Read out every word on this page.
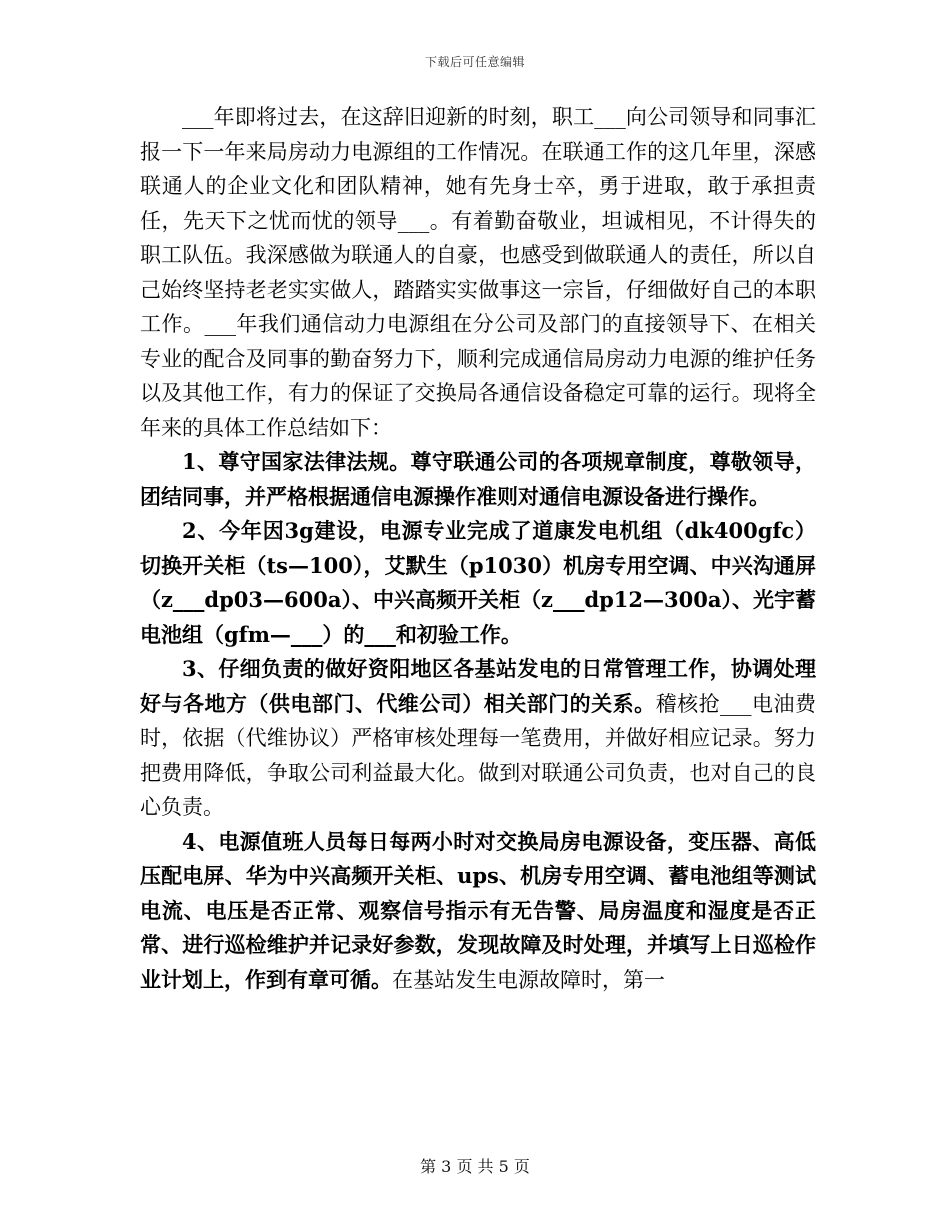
下载后可任意编辑

___年即将过去，在这辞旧迎新的时刻，职工___向公司领导和同事汇报一下一年来局房动力电源组的工作情况。在联通工作的这几年里，深感联通人的企业文化和团队精神，她有先身士卒，勇于进取，敢于承担责任，先天下之忧而忧的领导___。有着勤奋敬业，坦诚相见，不计得失的职工队伍。我深感做为联通人的自豪，也感受到做联通人的责任，所以自己始终坚持老老实实做人，踏踏实实做事这一宗旨，仔细做好自己的本职工作。___年我们通信动力电源组在分公司及部门的直接领导下、在相关专业的配合及同事的勤奋努力下，顺利完成通信局房动力电源的维护任务以及其他工作，有力的保证了交换局各通信设备稳定可靠的运行。现将全年来的具体工作总结如下：

1、尊守国家法律法规。尊守联通公司的各项规章制度，尊敬领导，团结同事，并严格根据通信电源操作准则对通信电源设备进行操作。

2、今年因3g建设，电源专业完成了道康发电机组（dk400gfc）切换开关柜（ts—100），艾默生（p1030）机房专用空调、中兴沟通屏（z___dp03—600a）、中兴高频开关柜（z___dp12—300a）、光宇蓄电池组（gfm—___）的___和初验工作。

3、仔细负责的做好资阳地区各基站发电的日常管理工作，协调处理好与各地方（供电部门、代维公司）相关部门的关系。稽核抢___电油费时，依据（代维协议）严格审核处理每一笔费用，并做好相应记录。努力把费用降低，争取公司利益最大化。做到对联通公司负责，也对自己的良心负责。

4、电源值班人员每日每两小时对交换局房电源设备，变压器、高低压配电屏、华为中兴高频开关柜、ups、机房专用空调、蓄电池组等测试电流、电压是否正常、观察信号指示有无告警、局房温度和湿度是否正常、进行巡检维护并记录好参数，发现故障及时处理，并填写上日巡检作业计划上，作到有章可循。在基站发生电源故障时，第一

第 3 页 共 5 页
